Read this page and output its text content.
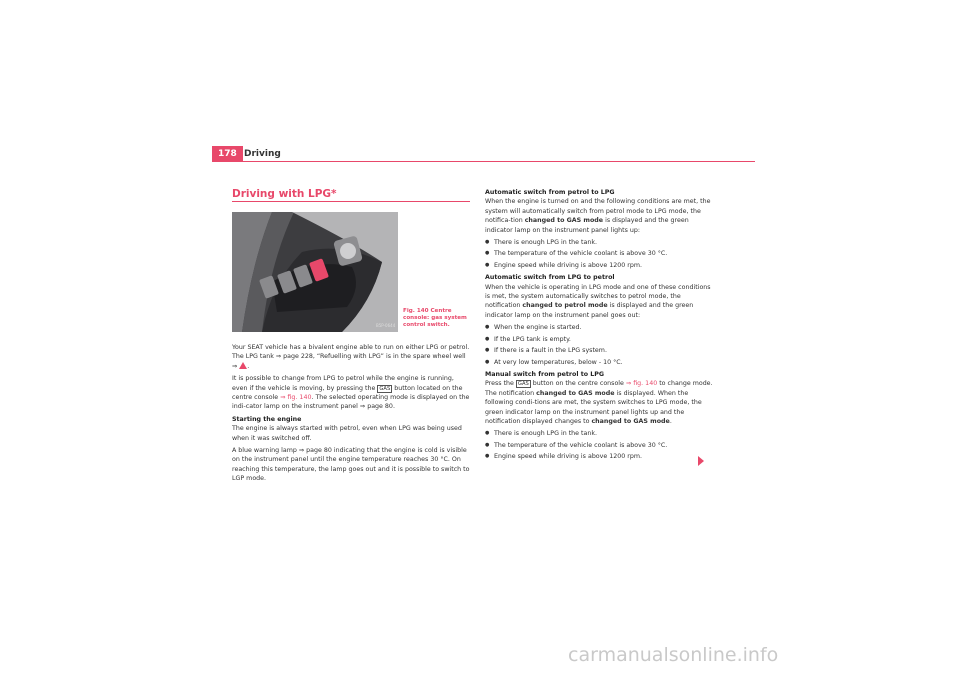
178 Driving
Driving with LPG*
B5P-0644
Fig. 140 Centre console: gas system control switch.

Your SEAT vehicle has a bivalent engine able to run on either LPG or petrol. The LPG tank ⇒ page 228, “Refuelling with LPG” is in the spare wheel well
⇒ .

It is possible to change from LPG to petrol while the engine is running, even if the vehicle is moving, by pressing the GAS button located on the centre console ⇒ fig. 140. The selected operating mode is displayed on the indi-cator lamp on the instrument panel ⇒ page 80.

Starting the engine

The engine is always started with petrol, even when LPG was being used when it was switched off.

A blue warning lamp ⇒ page 80 indicating that the engine is cold is visible on the instrument panel until the engine temperature reaches 30 °C. On reaching this temperature, the lamp goes out and it is possible to switch to LGP mode.

Automatic switch from petrol to LPG

When the engine is turned on and the following conditions are met, the system will automatically switch from petrol mode to LPG mode, the notifica-tion changed to GAS mode is displayed and the green indicator lamp on the instrument panel lights up:

● There is enough LPG in the tank.
● The temperature of the vehicle coolant is above 30 °C.
● Engine speed while driving is above 1200 rpm.
Automatic switch from LPG to petrol

When the vehicle is operating in LPG mode and one of these conditions is met, the system automatically switches to petrol mode, the notification changed to petrol mode is displayed and the green indicator lamp on the instrument panel goes out:

● When the engine is started.
● If the LPG tank is empty.
● If there is a fault in the LPG system.
● At very low temperatures, below - 10 °C.
Manual switch from petrol to LPG

Press the GAS button on the centre console ⇒ fig. 140 to change mode. The notification changed to GAS mode is displayed. When the following condi-tions are met, the system switches to LPG mode, the green indicator lamp on the instrument panel lights up and the notification displayed changes to changed to GAS mode.

● There is enough LPG in the tank.
● The temperature of the vehicle coolant is above 30 °C.
● Engine speed while driving is above 1200 rpm.
carmanualsonline.info
